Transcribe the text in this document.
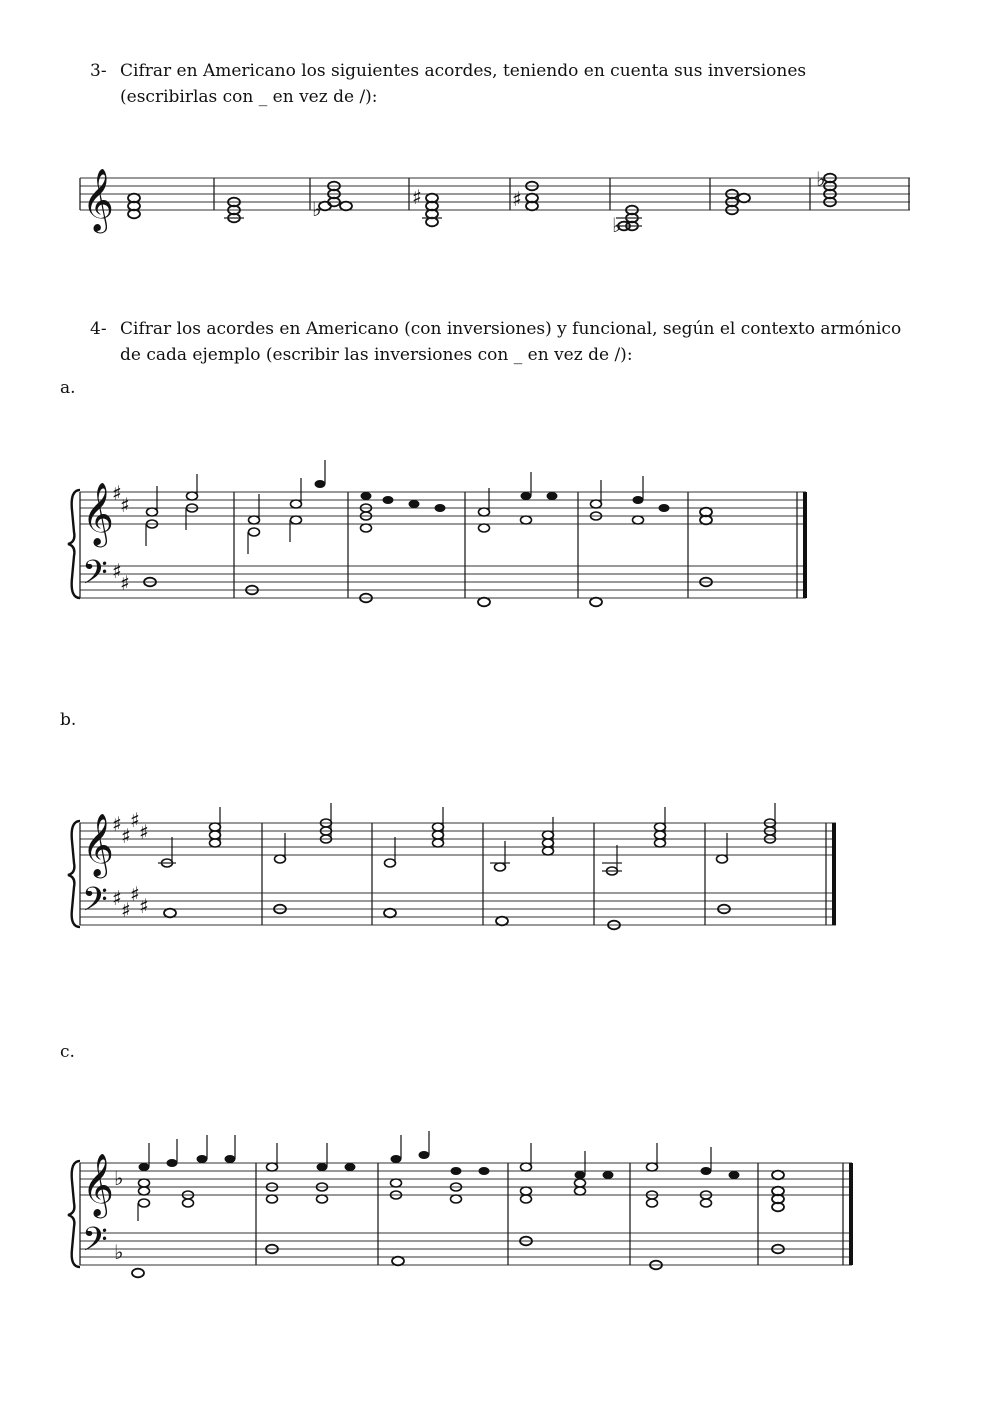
3- Cifrar en Americano los siguientes acordes, teniendo en cuenta sus inversiones
(escribirlas con _ en vez de /):
𝄞	♭	♯	♯
♭
♭
4- Cifrar los acordes en Americano (con inversiones) y funcional, según el contexto armónico
de cada ejemplo (escribir las inversiones con _ en vez de /):
a.
𝄞
𝄢
♯
♯
♯
♯
b.
𝄞
𝄢
♯ ♯
♯ ♯
♯ ♯
♯ ♯
c.
𝄞
𝄢
♭
♭
